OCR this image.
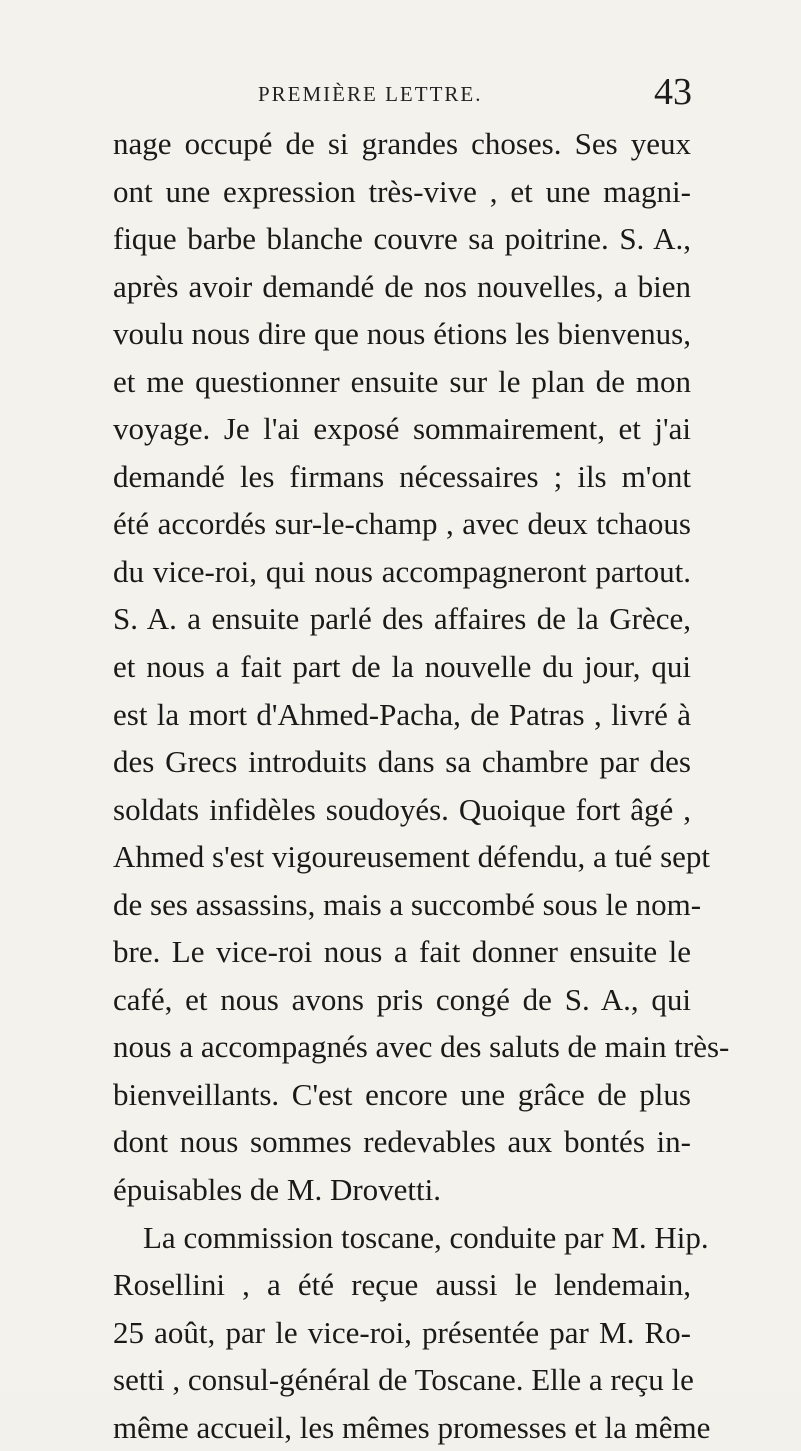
PREMIÈRE LETTRE.	43
nage occupé de si grandes choses. Ses yeux
ont une expression très-vive , et une magni-
fique barbe blanche couvre sa poitrine. S. A.,
après avoir demandé de nos nouvelles, a bien
voulu nous dire que nous étions les bienvenus,
et me questionner ensuite sur le plan de mon
voyage. Je l'ai exposé sommairement, et j'ai
demandé les firmans nécessaires ; ils m'ont
été accordés sur-le-champ , avec deux tchaous
du vice-roi, qui nous accompagneront partout.
S. A. a ensuite parlé des affaires de la Grèce,
et nous a fait part de la nouvelle du jour, qui
est la mort d'Ahmed-Pacha, de Patras , livré à
des Grecs introduits dans sa chambre par des
soldats infidèles soudoyés. Quoique fort âgé ,
Ahmed s'est vigoureusement défendu, a tué sept
de ses assassins, mais a succombé sous le nom-
bre. Le vice-roi nous a fait donner ensuite le
café, et nous avons pris congé de S. A., qui
nous a accompagnés avec des saluts de main très-
bienveillants. C'est encore une grâce de plus
dont nous sommes redevables aux bontés in-
épuisables de M. Drovetti.
La commission toscane, conduite par M. Hip.
Rosellini , a été reçue aussi le lendemain,
25 août, par le vice-roi, présentée par M. Ro-
setti , consul-général de Toscane. Elle a reçu le
même accueil, les mêmes promesses et la même
